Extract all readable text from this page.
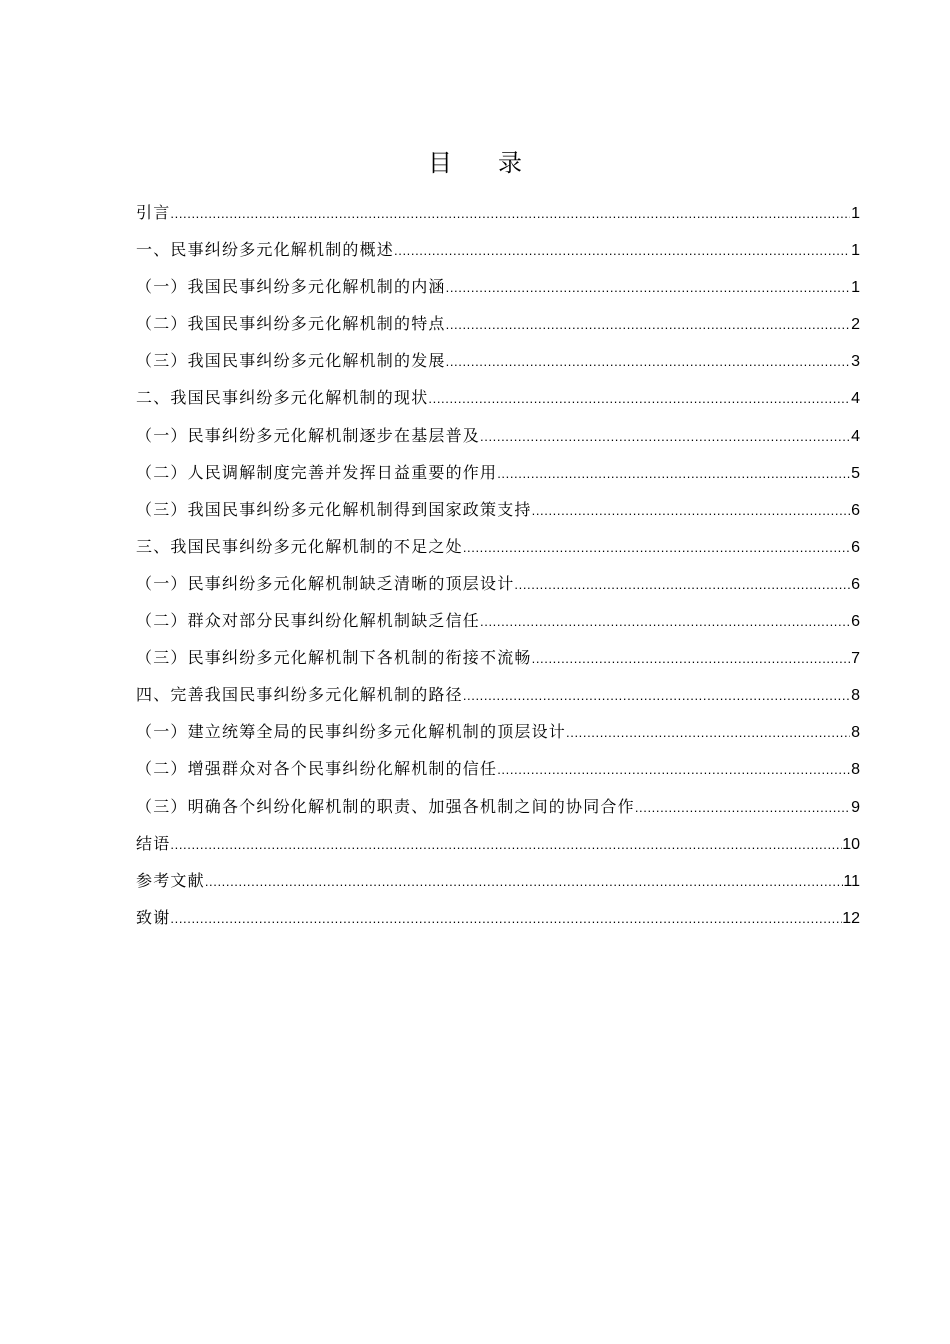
目录
引言 .....	1
一、民事纠纷多元化解机制的概述 .....	1
（一）我国民事纠纷多元化解机制的内涵 .....	1
（二）我国民事纠纷多元化解机制的特点 .....	2
（三）我国民事纠纷多元化解机制的发展 .....	3
二、我国民事纠纷多元化解机制的现状 .....	4
（一）民事纠纷多元化解机制逐步在基层普及 .....	4
（二）人民调解制度完善并发挥日益重要的作用 .....	5
（三）我国民事纠纷多元化解机制得到国家政策支持 .....	6
三、我国民事纠纷多元化解机制的不足之处 .....	6
（一）民事纠纷多元化解机制缺乏清晰的顶层设计 .....	6
（二）群众对部分民事纠纷化解机制缺乏信任 .....	6
（三）民事纠纷多元化解机制下各机制的衔接不流畅 .....	7
四、完善我国民事纠纷多元化解机制的路径 .....	8
（一）建立统筹全局的民事纠纷多元化解机制的顶层设计 .....	8
（二）增强群众对各个民事纠纷化解机制的信任 .....	8
（三）明确各个纠纷化解机制的职责、加强各机制之间的协同合作 .....	9
结语 .....	10
参考文献 .....	11
致谢 .....	12
